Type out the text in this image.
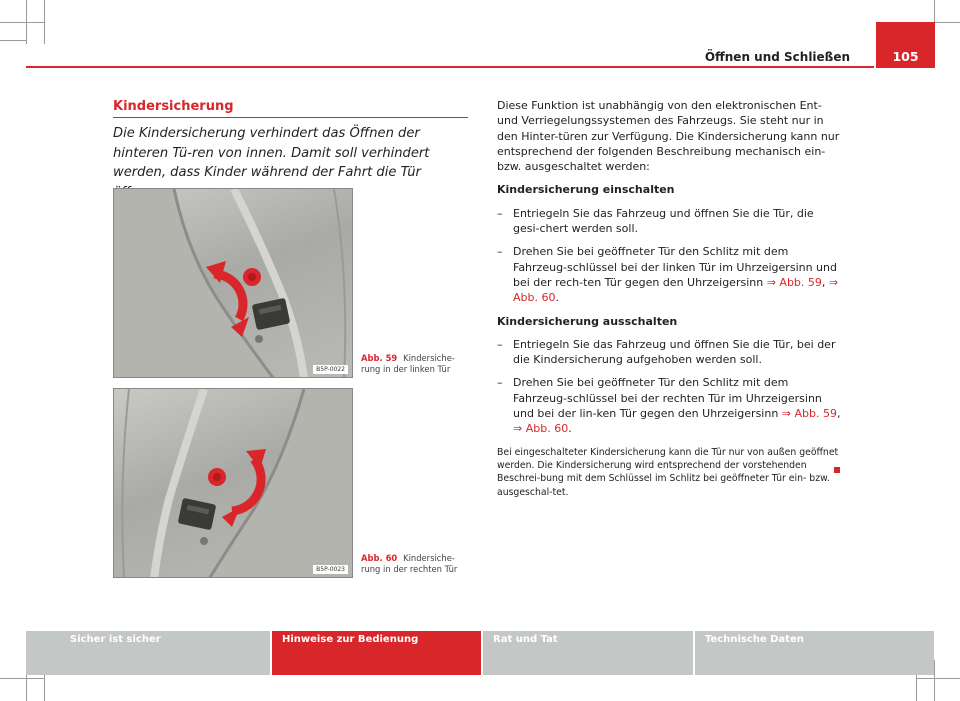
Öffnen und Schließen	105
Kindersicherung
Die Kindersicherung verhindert das Öffnen der hinteren Tü-ren von innen. Damit soll verhindert werden, dass Kinder während der Fahrt die Tür
B5P-0022
Abb. 59 Kindersiche-rung in der linken Tür
B5P-0023
Abb. 60 Kindersiche-rung in der rechten Tür

Diese Funktion ist unabhängig von den elektronischen Ent- und Verriegelungssystemen des Fahrzeugs. Sie steht nur in den Hinter-türen zur Verfügung. Die Kindersicherung kann nur entsprechend der folgenden Beschreibung mechanisch ein- bzw. ausgeschaltet werden:

Kindersicherung einschalten

– Entriegeln Sie das Fahrzeug und öffnen Sie die Tür, die gesi-chert werden soll.

– Drehen Sie bei geöffneter Tür den Schlitz mit dem Fahrzeug-schlüssel bei der linken Tür im Uhrzeigersinn und bei der rech-ten Tür gegen den Uhrzeigersinn ⇒ Abb. 59, ⇒ Abb. 60.

Kindersicherung ausschalten

– Entriegeln Sie das Fahrzeug und öffnen Sie die Tür, bei der die Kindersicherung aufgehoben werden soll.

– Drehen Sie bei geöffneter Tür den Schlitz mit dem Fahrzeug-schlüssel bei der rechten Tür im Uhrzeigersinn und bei der lin-ken Tür gegen den Uhrzeigersinn ⇒ Abb. 59, ⇒ Abb. 60.

Bei eingeschalteter Kindersicherung kann die Tür nur von außen geöffnet werden. Die Kindersicherung wird entsprechend der vorstehenden Beschrei-bung mit dem Schlüssel im Schlitz bei geöffneter Tür ein- bzw. ausgeschal-tet.

Sicher ist sicher	Hinweise zur Bedienung	Rat und Tat	Technische Daten
